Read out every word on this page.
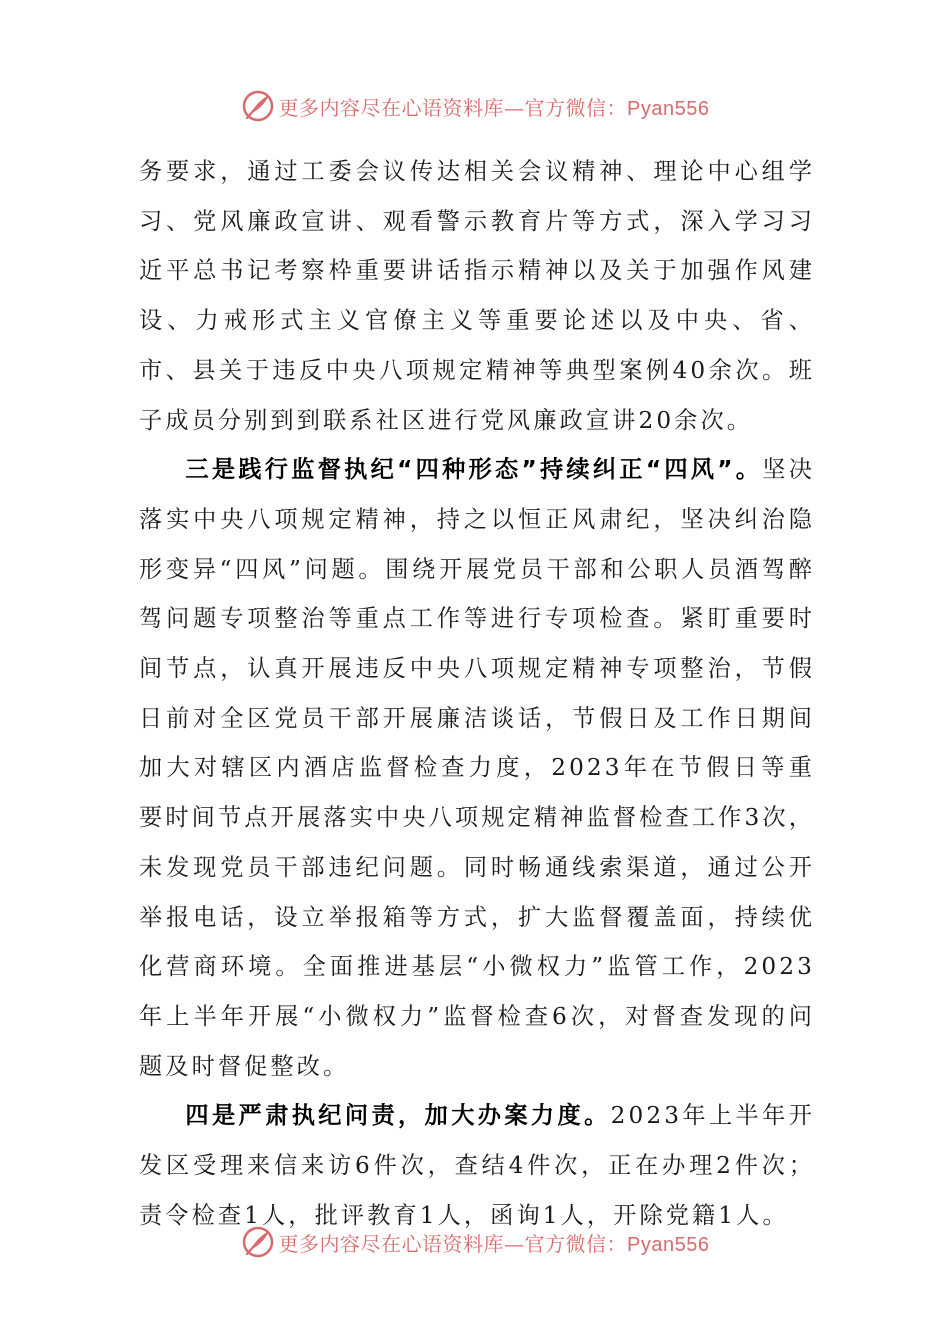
更多内容尽在心语资料库—官方微信：Pyan556

务要求，通过工委会议传达相关会议精神、理论中心组学习、党风廉政宣讲、观看警示教育片等方式，深入学习习近平总书记考察枠重要讲话指示精神以及关于加强作风建设、力戒形式主义官僚主义等重要论述以及中央、省、市、县关于违反中央八项规定精神等典型案例40余次。班子成员分别到到联系社区进行党风廉政宣讲20余次。

三是践行监督执纪“四种形态”持续纠正“四风”。坚决落实中央八项规定精神，持之以恒正风肃纪，坚决纠治隐形变异“四风”问题。围绕开展党员干部和公职人员酒驾醉驾问题专项整治等重点工作等进行专项检查。紧盯重要时间节点，认真开展违反中央八项规定精神专项整治，节假日前对全区党员干部开展廉洁谈话，节假日及工作日期间加大对辖区内酒店监督检查力度，2023年在节假日等重要时间节点开展落实中央八项规定精神监督检查工作3次，未发现党员干部违纪问题。同时畅通线索渠道，通过公开举报电话，设立举报箱等方式，扩大监督覆盖面，持续优化营商环境。全面推进基层“小微权力”监管工作，2023年上半年开展“小微权力”监督检查6次，对督查发现的问题及时督促整改。

四是严肃执纪问责，加大办案力度。2023年上半年开发区受理来信来访6件次，查结4件次，正在办理2件次；责令检查1人，批评教育1人，函询1人，开除党籍1人。

更多内容尽在心语资料库—官方微信：Pyan556
